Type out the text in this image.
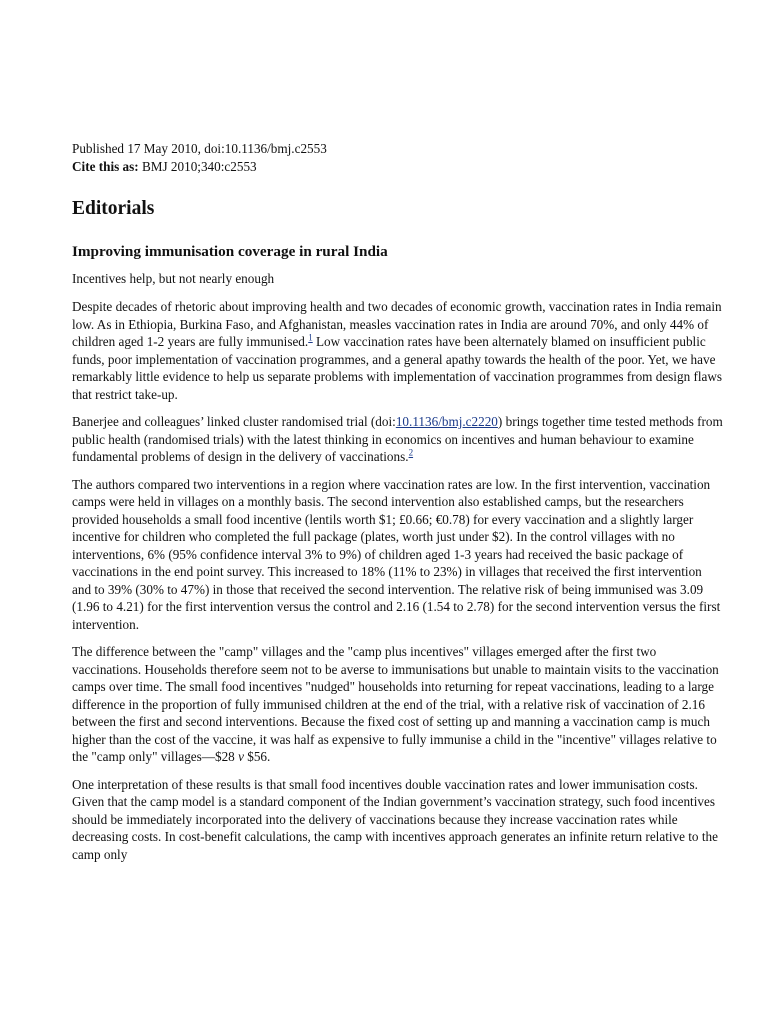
Published 17 May 2010, doi:10.1136/bmj.c2553

Cite this as: BMJ 2010;340:c2553

Editorials
Improving immunisation coverage in rural India

Incentives help, but not nearly enough

Despite decades of rhetoric about improving health and two decades of economic growth, vaccination rates in India remain low. As in Ethiopia, Burkina Faso, and Afghanistan, measles vaccination rates in India are around 70%, and only 44% of children aged 1-2 years are fully immunised.$^1$ Low vaccination rates have been alternately blamed on insufficient public funds, poor implementation of vaccination programmes, and a general apathy towards the health of the poor. Yet, we have remarkably little evidence to help us separate problems with implementation of vaccination programmes from design flaws that restrict take-up.

Banerjee and colleagues’ linked cluster randomised trial (doi:10.1136/bmj.c2220) brings together time tested methods from public health (randomised trials) with the latest thinking in economics on incentives and human behaviour to examine fundamental problems of design in the delivery of vaccinations.$^2$

The authors compared two interventions in a region where vaccination rates are low. In the first intervention, vaccination camps were held in villages on a monthly basis. The second intervention also established camps, but the researchers provided households a small food incentive (lentils worth $1; £0.66; €0.78) for every vaccination and a slightly larger incentive for children who completed the full package (plates, worth just under $2). In the control villages with no interventions, 6% (95% confidence interval 3% to 9%) of children aged 1-3 years had received the basic package of vaccinations in the end point survey. This increased to 18% (11% to 23%) in villages that received the first intervention and to 39% (30% to 47%) in those that received the second intervention. The relative risk of being immunised was 3.09 (1.96 to 4.21) for the first intervention versus the control and 2.16 (1.54 to 2.78) for the second intervention versus the first intervention.

The difference between the "camp" villages and the "camp plus incentives" villages emerged after the first two vaccinations. Households therefore seem not to be averse to immunisations but unable to maintain visits to the vaccination camps over time. The small food incentives "nudged" households into returning for repeat vaccinations, leading to a large difference in the proportion of fully immunised children at the end of the trial, with a relative risk of vaccination of 2.16 between the first and second interventions. Because the fixed cost of setting up and manning a vaccination camp is much higher than the cost of the vaccine, it was half as expensive to fully immunise a child in the "incentive" villages relative to the "camp only" villages—$28 v $56.

One interpretation of these results is that small food incentives double vaccination rates and lower immunisation costs. Given that the camp model is a standard component of the Indian government’s vaccination strategy, such food incentives should be immediately incorporated into the delivery of vaccinations because they increase vaccination rates while decreasing costs. In cost-benefit calculations, the camp with incentives approach generates an infinite return relative to the camp only
